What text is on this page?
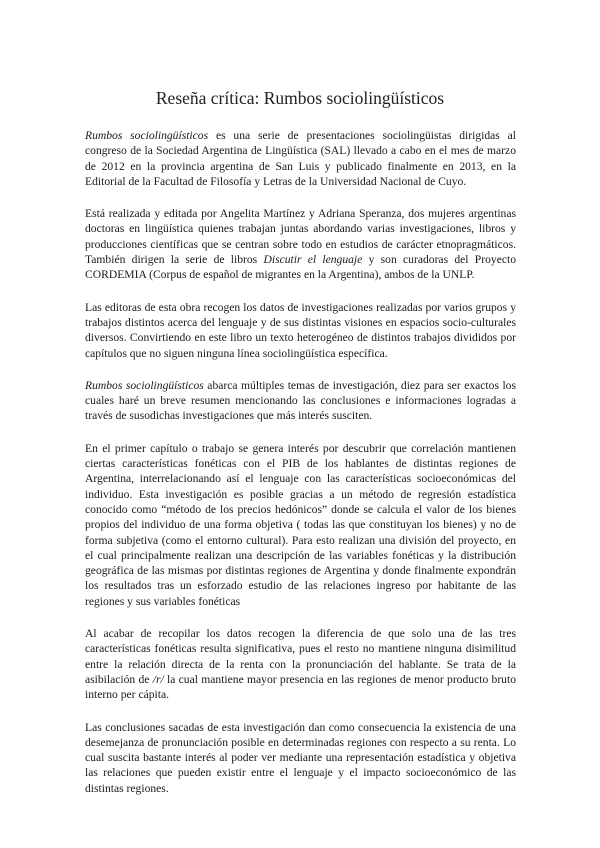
Reseña crítica: Rumbos sociolingüísticos

Rumbos sociolingüísticos es una serie de presentaciones sociolingüistas dirigidas al congreso de la Sociedad Argentina de Lingüística (SAL) llevado a cabo en el mes de marzo de 2012 en la provincia argentina de San Luis y publicado finalmente en 2013, en la Editorial de la Facultad de Filosofía y Letras de la Universidad Nacional de Cuyo.

Está realizada y editada por Angelita Martínez y Adriana Speranza, dos mujeres argentinas doctoras en lingüística quienes trabajan juntas abordando varias investigaciones, libros y producciones científicas que se centran sobre todo en estudios de carácter etnopragmáticos. También dirigen la serie de libros Discutir el lenguaje y son curadoras del Proyecto CORDEMIA (Corpus de español de migrantes en la Argentina), ambos de la UNLP.

Las editoras de esta obra recogen los datos de investigaciones realizadas por varios grupos y trabajos distintos acerca del lenguaje y de sus distintas visiones en espacios socio-culturales diversos. Convirtiendo en este libro un texto heterogéneo de distintos trabajos divididos por capítulos que no siguen ninguna línea sociolingüística específica.

Rumbos sociolingüísticos abarca múltiples temas de investigación, diez para ser exactos los cuales haré un breve resumen mencionando las conclusiones e informaciones logradas a través de susodichas investigaciones que más interés susciten.

En el primer capítulo o trabajo se genera interés por descubrir que correlación mantienen ciertas características fonéticas con el PIB de los hablantes de distintas regiones de Argentina, interrelacionando así el lenguaje con las características socioeconómicas del individuo. Esta investigación es posible gracias a un método de regresión estadística conocido como “método de los precios hedónicos” donde se calcula el valor de los bienes propios del individuo de una forma objetiva ( todas las que constituyan los bienes) y no de forma subjetiva (como el entorno cultural). Para esto realizan una división del proyecto, en el cual principalmente realizan una descripción de las variables fonéticas y la distribución geográfica de las mismas por distintas regiones de Argentina y donde finalmente expondrán los resultados tras un esforzado estudio de las relaciones ingreso por habitante de las regiones y sus variables fonéticas

Al acabar de recopilar los datos recogen la diferencia de que solo una de las tres características fonéticas resulta significativa, pues el resto no mantiene ninguna disimilitud entre la relación directa de la renta con la pronunciación del hablante. Se trata de la asibilación de /r/ la cual mantiene mayor presencia en las regiones de menor producto bruto interno per cápita.

Las conclusiones sacadas de esta investigación dan como consecuencia la existencia de una desemejanza de pronunciación posible en determinadas regiones con respecto a su renta. Lo cual suscita bastante interés al poder ver mediante una representación estadística y objetiva las relaciones que pueden existir entre el lenguaje y el impacto socioeconómico de las distintas regiones.
